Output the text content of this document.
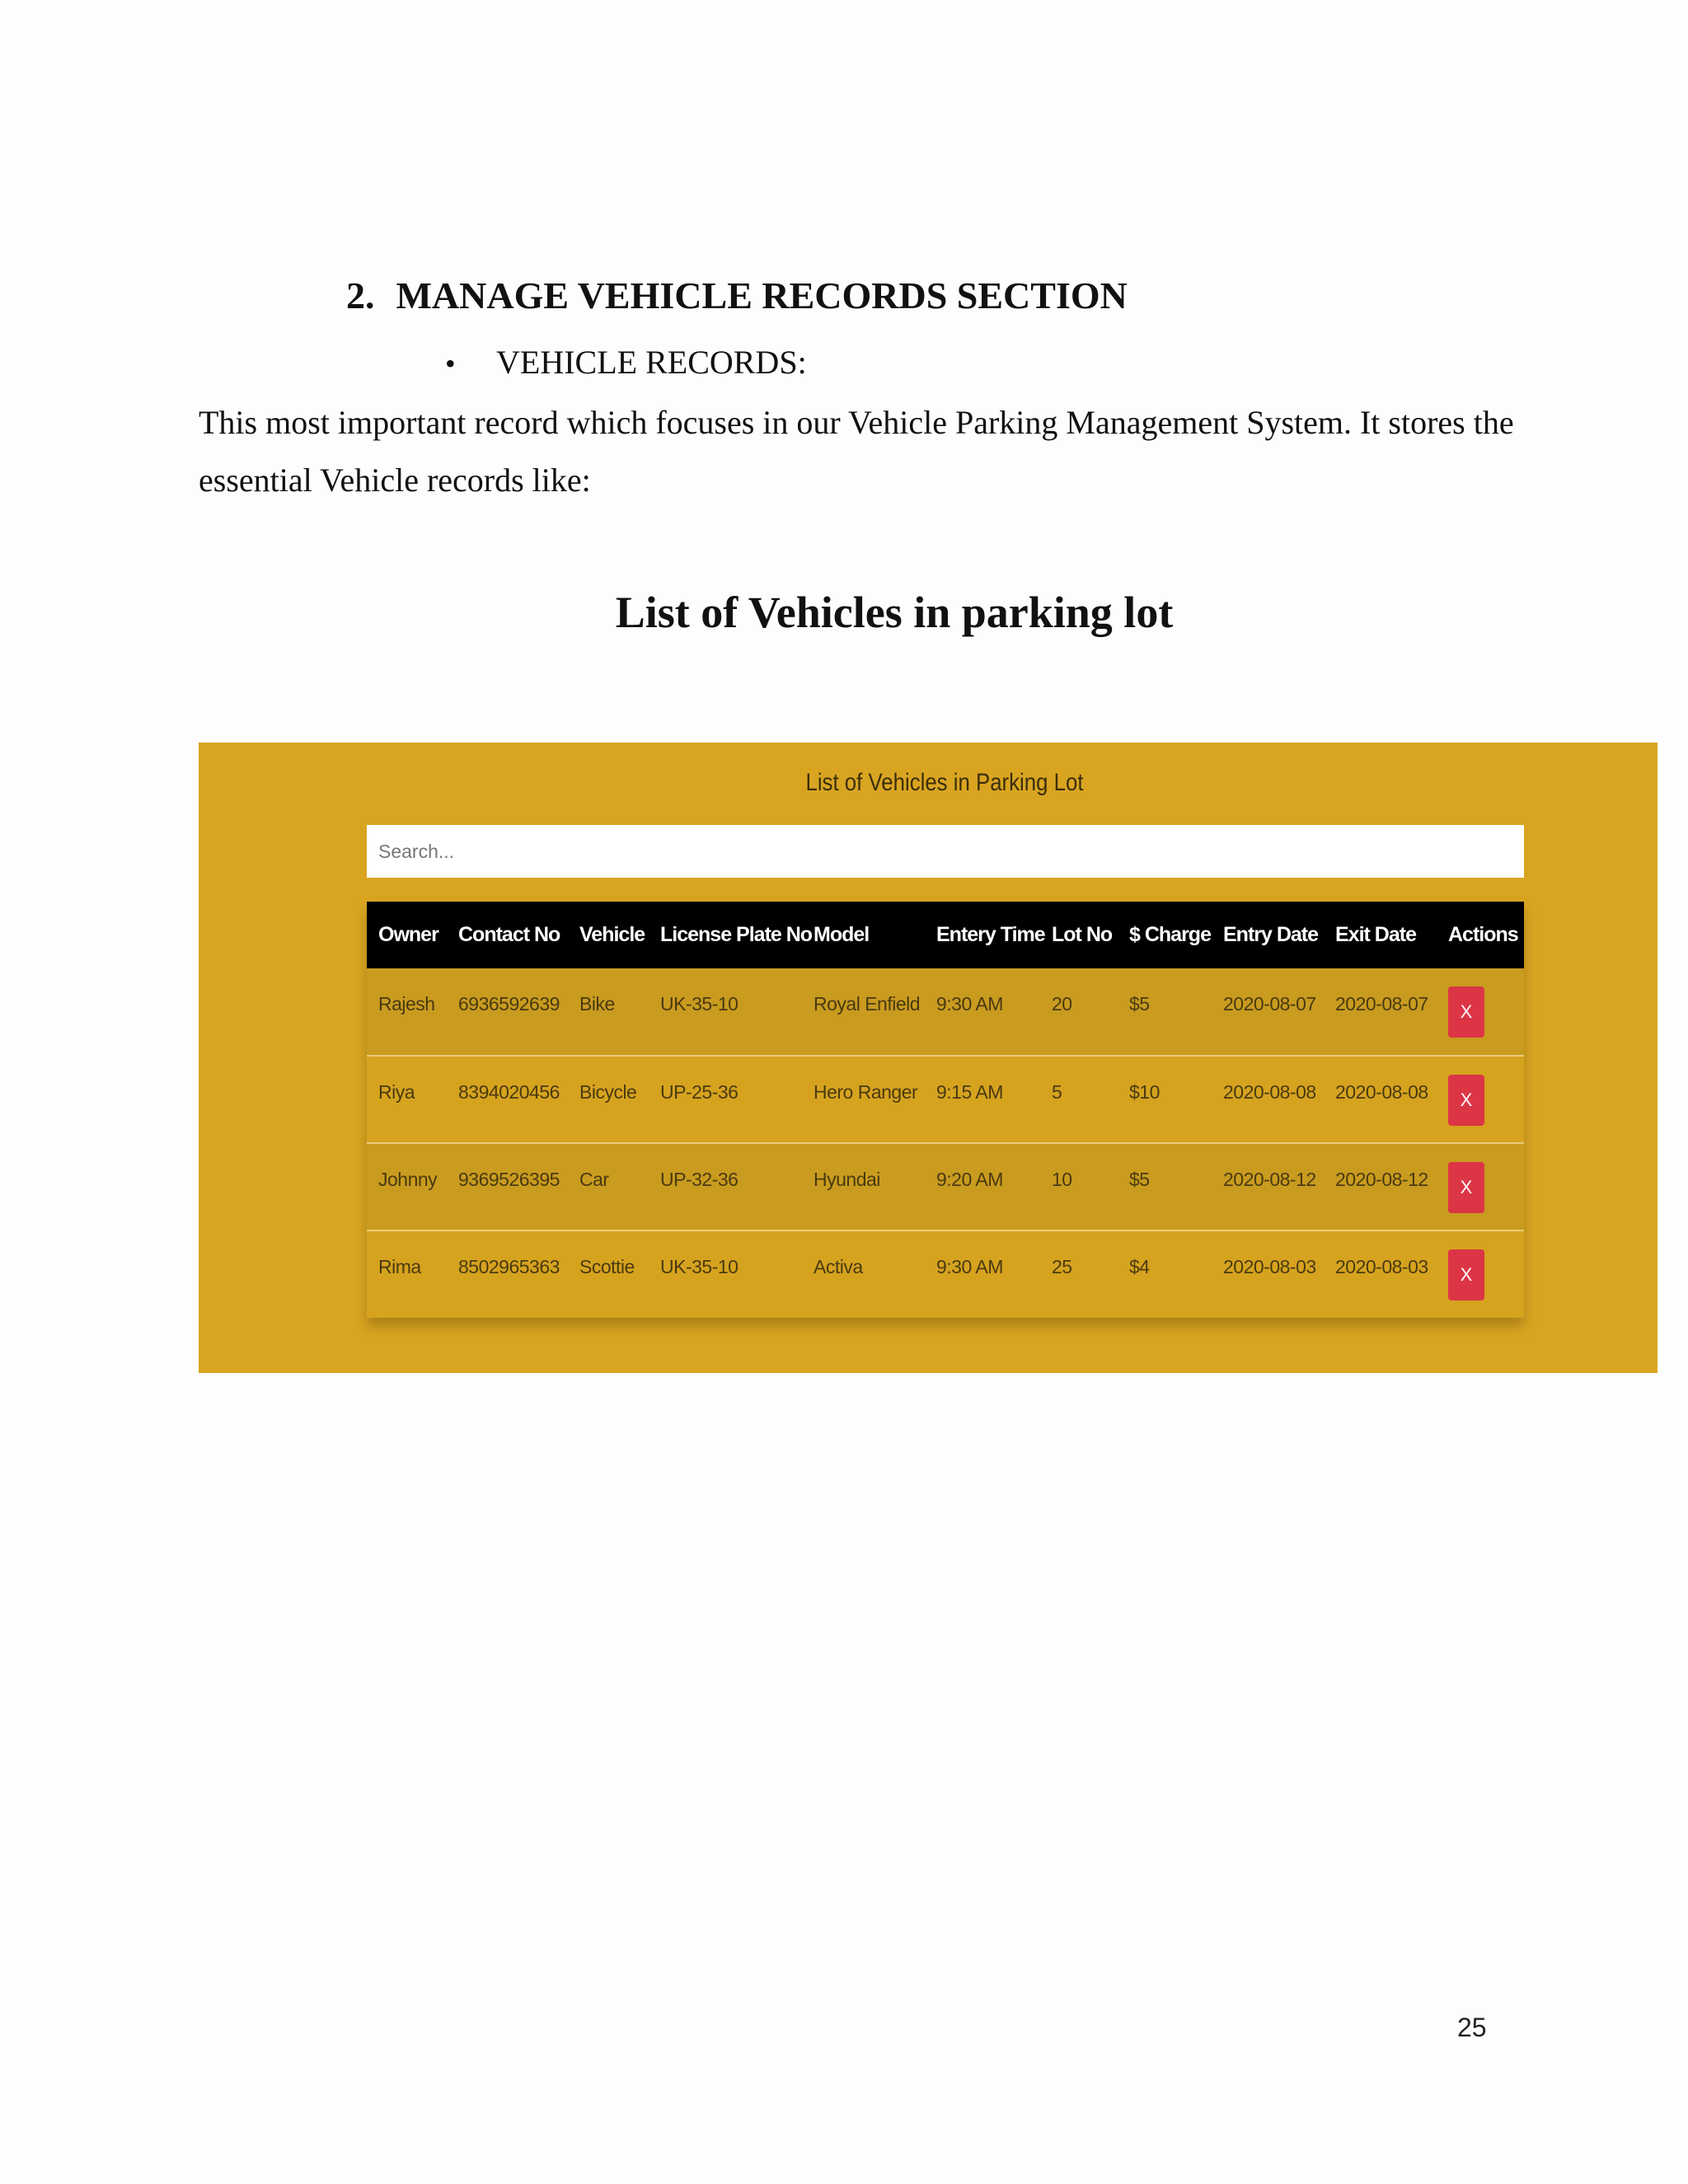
2. MANAGE VEHICLE RECORDS SECTION
• VEHICLE RECORDS:
This most important record which focuses in our Vehicle Parking Management System. It stores the essential Vehicle records like:
List of Vehicles in parking lot
List of Vehicles in Parking Lot
Search...
Owner	Contact No	Vehicle	License Plate No	Model	Entery Time	Lot No	$ Charge	Entry Date	Exit Date	Actions
Rajesh	6936592639	Bike	UK-35-10	Royal Enfield	9:30 AM	20	$5	2020-08-07	2020-08-07	X
Riya	8394020456	Bicycle	UP-25-36	Hero Ranger	9:15 AM	5	$10	2020-08-08	2020-08-08	X
Johnny	9369526395	Car	UP-32-36	Hyundai	9:20 AM	10	$5	2020-08-12	2020-08-12	X
Rima	8502965363	Scottie	UK-35-10	Activa	9:30 AM	25	$4	2020-08-03	2020-08-03	X
25
